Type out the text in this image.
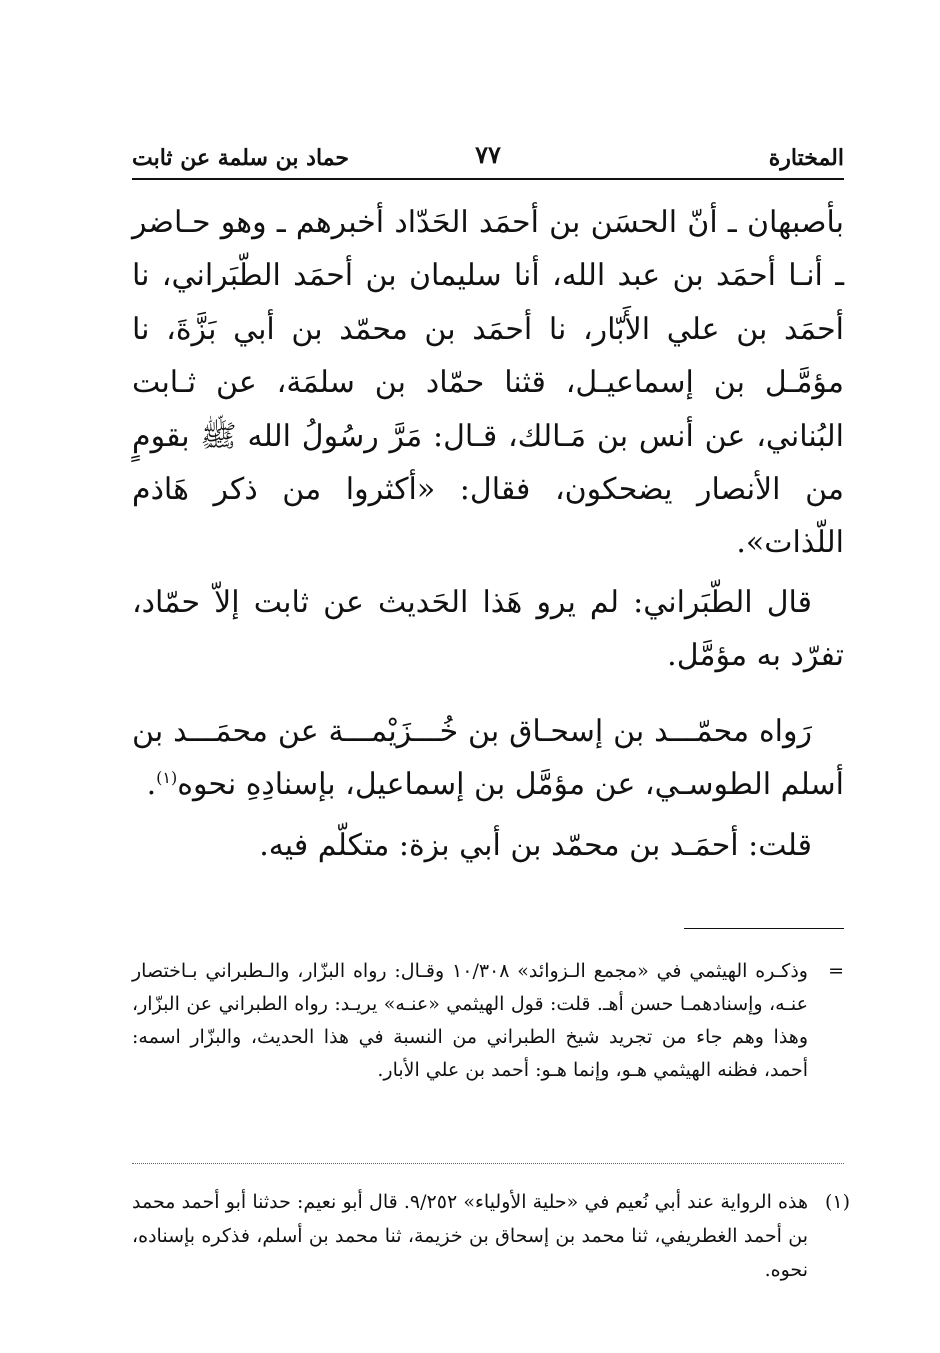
المختارة
٧٧
حماد بن سلمة عن ثابت

بأصبهان ـ أنّ الحسَن بن أحمَد الحَدّاد أخبرهم ـ وهو حـاضر ـ أنـا أحمَد بن عبد الله، أنا سليمان بن أحمَد الطّبَراني، نا أحمَد بن علي الأَبّار، نا أحمَد بن محمّد بن أبي بَزَّةَ، نا مؤمَّـل بن إسماعيـل، قثنا حمّاد بن سلمَة، عن ثـابت البُناني، عن أنس بن مَـالك، قـال: مَرَّ رسُولُ الله ﷺ بقومٍ من الأنصار يضحكون، فقال: «أكثروا من ذكر هَاذم اللّذات».

قال الطّبَراني: لم يرو هَذا الحَديث عن ثابت إلاّ حمّاد، تفرّد به مؤمَّل.

رَواه محمّـــد بن إسحـاق بن خُـــزَيْمـــة عن محمَـــد بن أسلم الطوسـي، عن مؤمَّل بن إسماعيل، بإسنادِهِ نحوه$^{(١)}$.

قلت: أحمَـد بن محمّد بن أبي بزة: متكلّم فيه.

=
وذكـره الهيثمي في «مجمع الـزوائد» ١٠/٣٠٨ وقـال: رواه البزّار، والـطبراني بـاختصار عنـه، وإسنادهمـا حسن أهـ. قلت: قول الهيثمي «عنـه» يريـد: رواه الطبراني عن البزّار، وهذا وهم جاء من تجريد شيخ الطبراني من النسبة في هذا الحديث، والبزّار اسمه: أحمد، فظنه الهيثمي هـو، وإنما هـو: أحمد بن علي الأبار.
(١)
هذه الرواية عند أبي نُعيم في «حلية الأولياء» ٩/٢٥٢. قال أبو نعيم: حدثنا أبو أحمد محمد بن أحمد الغطريفي، ثنا محمد بن إسحاق بن خزيمة، ثنا محمد بن أسلم، فذكره بإسناده، نحوه.
